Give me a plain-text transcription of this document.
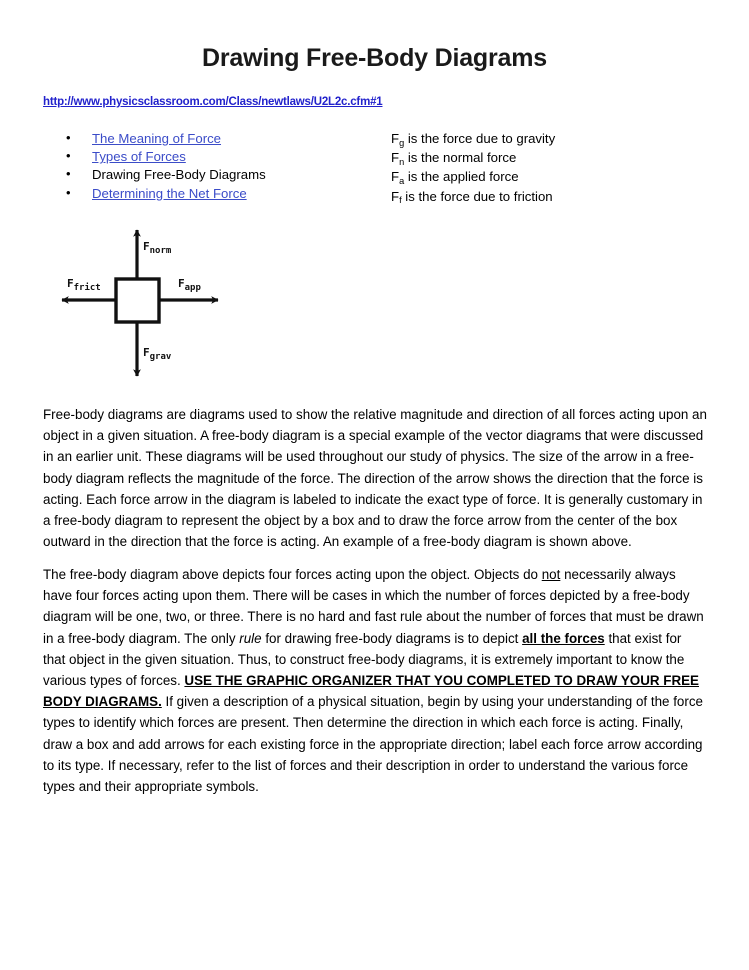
Drawing Free-Body Diagrams
http://www.physicsclassroom.com/Class/newtlaws/U2L2c.cfm#1
• The Meaning of Force
• Types of Forces
• Drawing Free-Body Diagrams
• Determining the Net Force
$F_g$ is the force due to gravity
$F_n$ is the normal force
$F_a$ is the applied force
$F_f$ is the force due to friction
$F_{norm}$
$F_{app}$
$F_{grav}$
$F_{frict}$
Free-body diagrams are diagrams used to show the relative magnitude and direction of all forces acting upon an object in a given situation. A free-body diagram is a special example of the vector diagrams that were discussed in an earlier unit. These diagrams will be used throughout our study of physics. The size of the arrow in a free-body diagram reflects the magnitude of the force. The direction of the arrow shows the direction that the force is acting. Each force arrow in the diagram is labeled to indicate the exact type of force. It is generally customary in a free-body diagram to represent the object by a box and to draw the force arrow from the center of the box outward in the direction that the force is acting. An example of a free-body diagram is shown above.
The free-body diagram above depicts four forces acting upon the object. Objects do not necessarily always have four forces acting upon them. There will be cases in which the number of forces depicted by a free-body diagram will be one, two, or three. There is no hard and fast rule about the number of forces that must be drawn in a free-body diagram. The only rule for drawing free-body diagrams is to depict all the forces that exist for that object in the given situation. Thus, to construct free-body diagrams, it is extremely important to know the various types of forces. USE THE GRAPHIC ORGANIZER THAT YOU COMPLETED TO DRAW YOUR FREE BODY DIAGRAMS. If given a description of a physical situation, begin by using your understanding of the force types to identify which forces are present. Then determine the direction in which each force is acting. Finally, draw a box and add arrows for each existing force in the appropriate direction; label each force arrow according to its type. If necessary, refer to the list of forces and their description in order to understand the various force types and their appropriate symbols.
